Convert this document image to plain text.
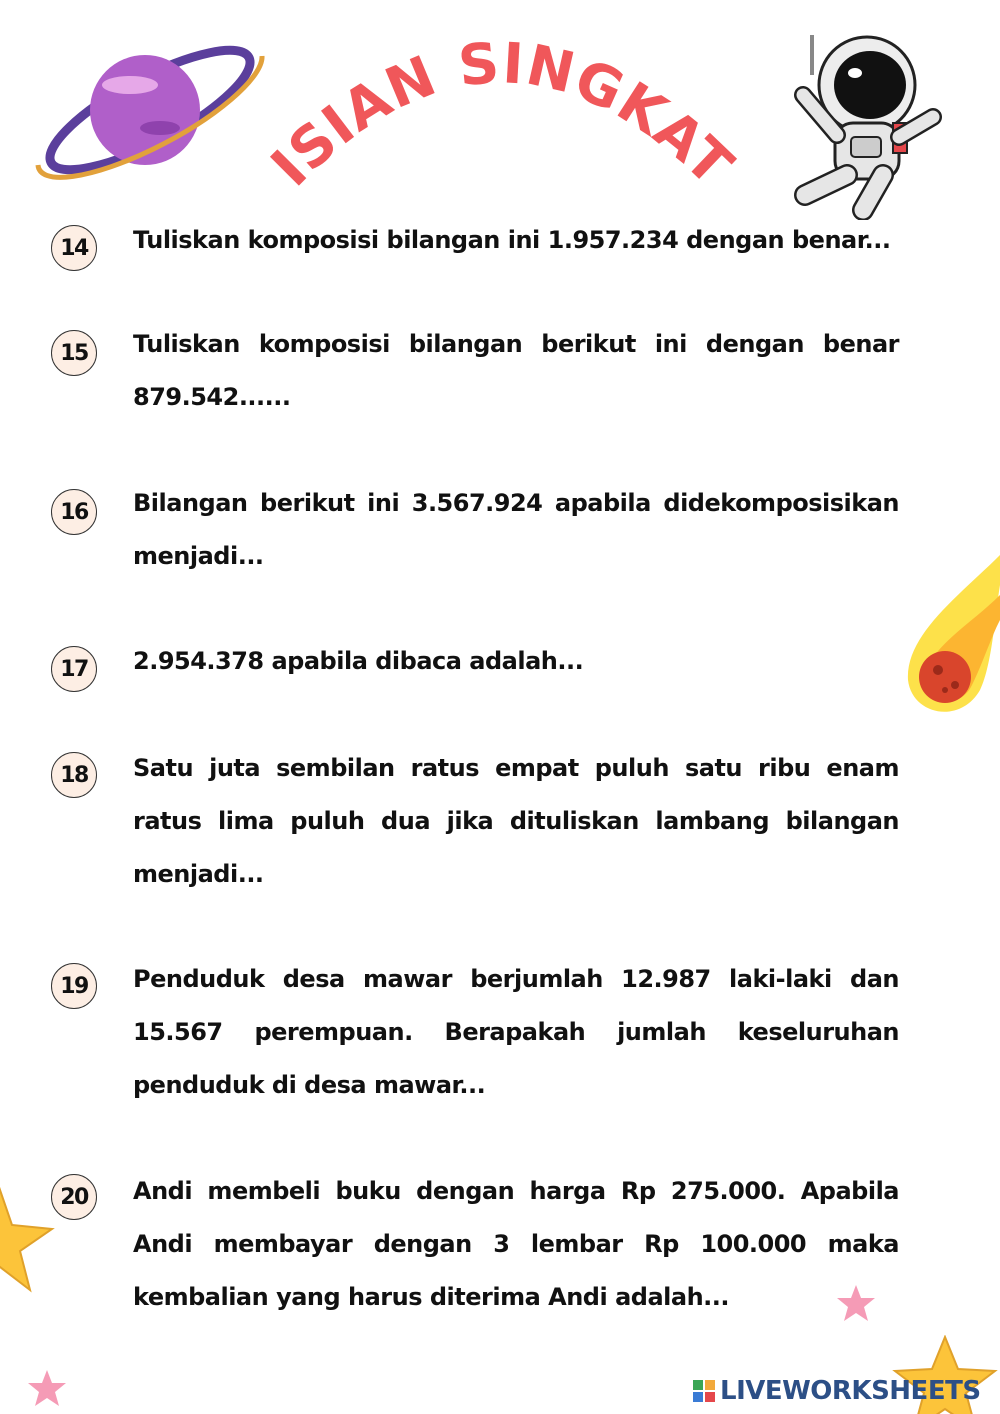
ISIAN SINGKAT
14	Tuliskan komposisi bilangan ini 1.957.234 dengan benar...
15	Tuliskan komposisi bilangan berikut ini dengan benar 879.542......
16	Bilangan berikut ini 3.567.924 apabila didekomposisikan menjadi...
17	2.954.378 apabila dibaca adalah...
18	Satu juta sembilan ratus empat puluh satu ribu enam ratus lima puluh dua jika dituliskan lambang bilangan menjadi...
19	Penduduk desa mawar berjumlah 12.987 laki-laki dan 15.567 perempuan. Berapakah jumlah keseluruhan penduduk di desa mawar...
20	Andi membeli buku dengan harga Rp 275.000. Apabila Andi membayar dengan 3 lembar Rp 100.000 maka kembalian yang harus diterima Andi adalah...
LIVEWORKSHEETS
